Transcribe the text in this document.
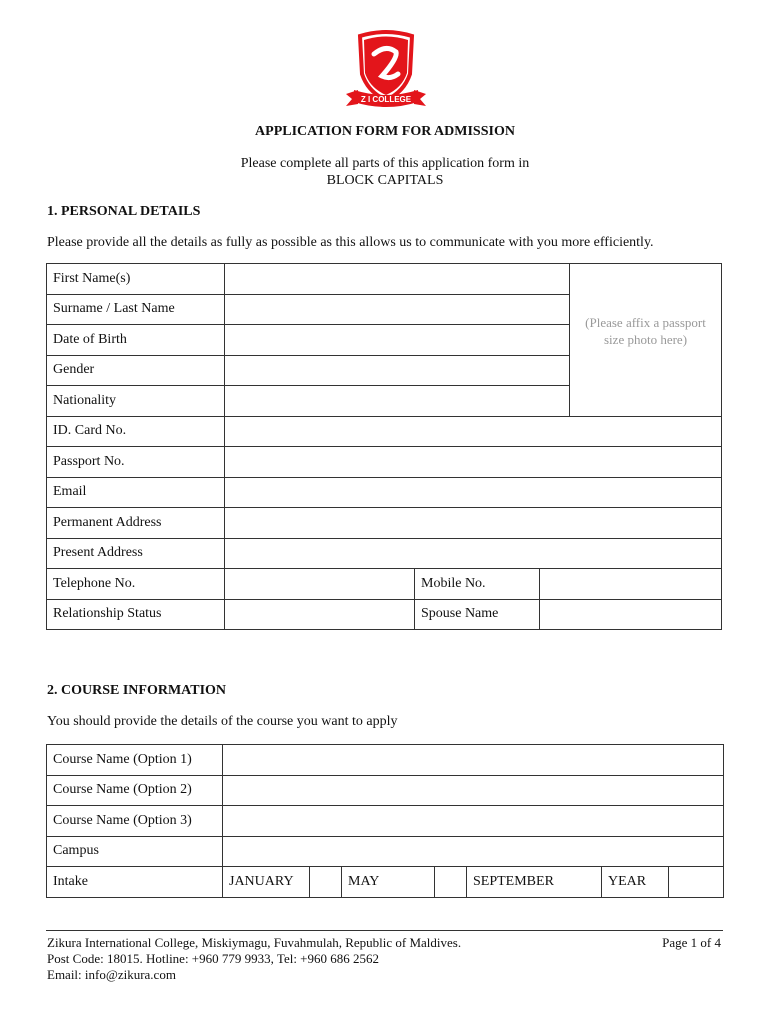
Z I COLLEGE
APPLICATION FORM FOR ADMISSION
Please complete all parts of this application form in
BLOCK CAPITALS
1. PERSONAL DETAILS
Please provide all the details as fully as possible as this allows us to communicate with you more efficiently.
First Name(s)				(Please affix a passport size photo here)
Surname / Last Name				
Date of Birth				
Gender				
Nationality				
ID. Card No.				
Passport No.				
Email				
Permanent Address				
Present Address				
Telephone No.		Mobile No.		
Relationship Status		Spouse Name		
2. COURSE INFORMATION
You should provide the details of the course you want to apply
Course Name (Option 1)							
Course Name (Option 2)							
Course Name (Option 3)							
Campus							
Intake	JANUARY		MAY		SEPTEMBER	YEAR	
Zikura International College, Miskiymagu, Fuvahmulah, Republic of Maldives.
Post Code: 18015. Hotline: +960 779 9933, Tel: +960 686 2562
Email: info@zikura.com
Page 1 of 4
